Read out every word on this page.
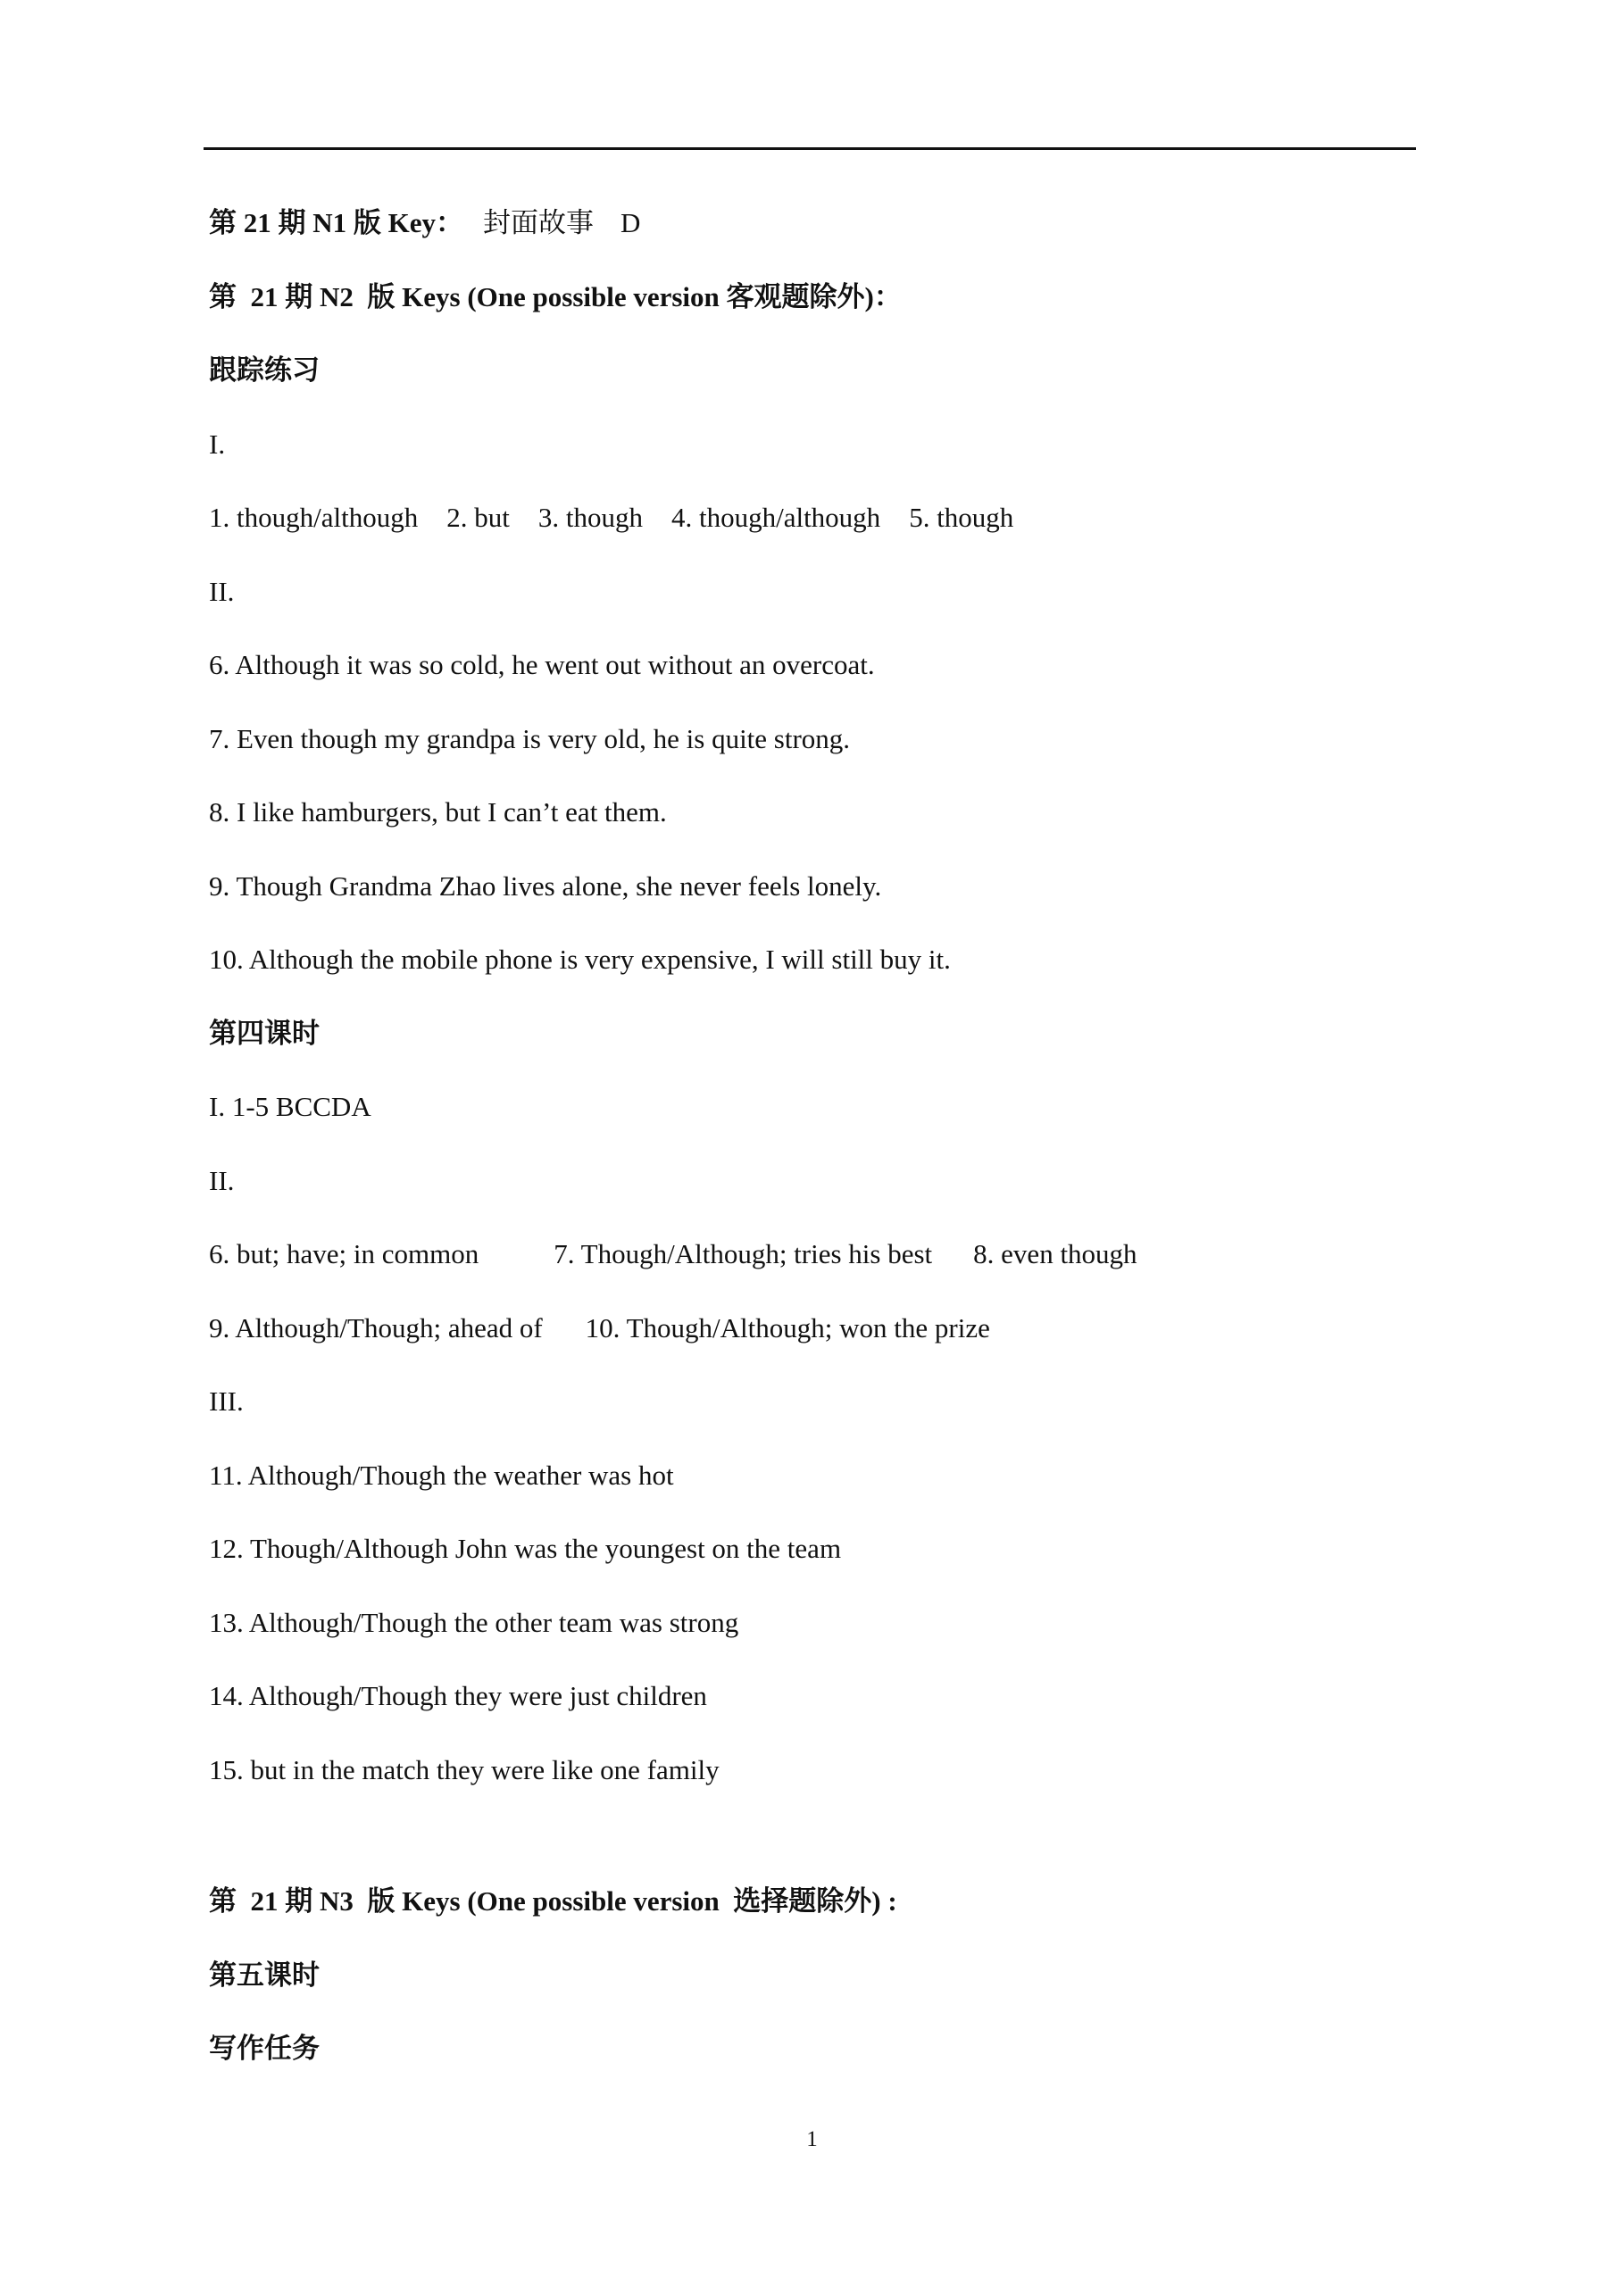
第 21 期 N1 版 Key： 封面故事 D
第  21 期 N2  版 Keys (One possible version 客观题除外)：
跟踪练习
I.
1. though/although 2. but 3. though 4. though/although 5. though
II.
6. Although it was so cold, he went out without an overcoat.
7. Even though my grandpa is very old, he is quite strong.
8. I like hamburgers, but I can’t eat them.
9. Though Grandma Zhao lives alone, she never feels lonely.
10. Although the mobile phone is very expensive, I will still buy it.
第四课时
I. 1-5 BCCDA
II.
6. but; have; in common	7. Though/Although; tries his best 8. even though
9. Although/Though; ahead of 10. Though/Although; won the prize
III.
11. Although/Though the weather was hot
12. Though/Although John was the youngest on the team
13. Although/Though the other team was strong
14. Although/Though they were just children
15. but in the match they were like one family
第  21 期 N3  版 Keys (One possible version  选择题除外) :
第五课时
写作任务
1
